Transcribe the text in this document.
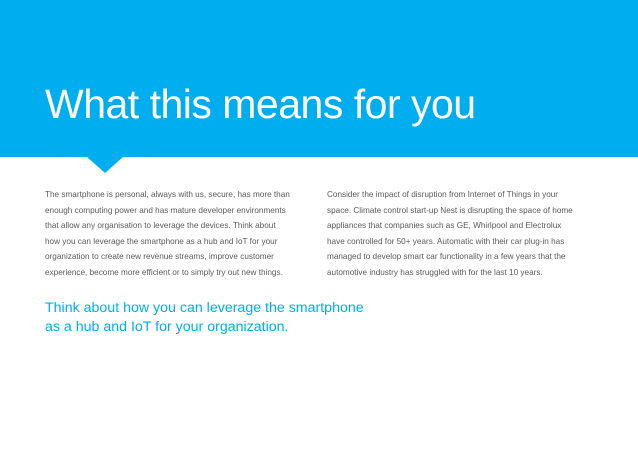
What this means for you

The smartphone is personal, always with us, secure, has more than
enough computing power and has mature developer environments
that allow any organisation to leverage the devices. Think about
how you can leverage the smartphone as a hub and IoT for your
organization to create new revenue streams, improve customer
experience, become more efficient or to simply try out new things.

Consider the impact of disruption from Internet of Things in your
space. Climate control start-up Nest is disrupting the space of home
appliances that companies such as GE, Whirlpool and Electrolux
have controlled for 50+ years. Automatic with their car plug-in has
managed to develop smart car functionality in a few years that the
automotive industry has struggled with for the last 10 years.

Think about how you can leverage the smartphone
as a hub and IoT for your organization.
